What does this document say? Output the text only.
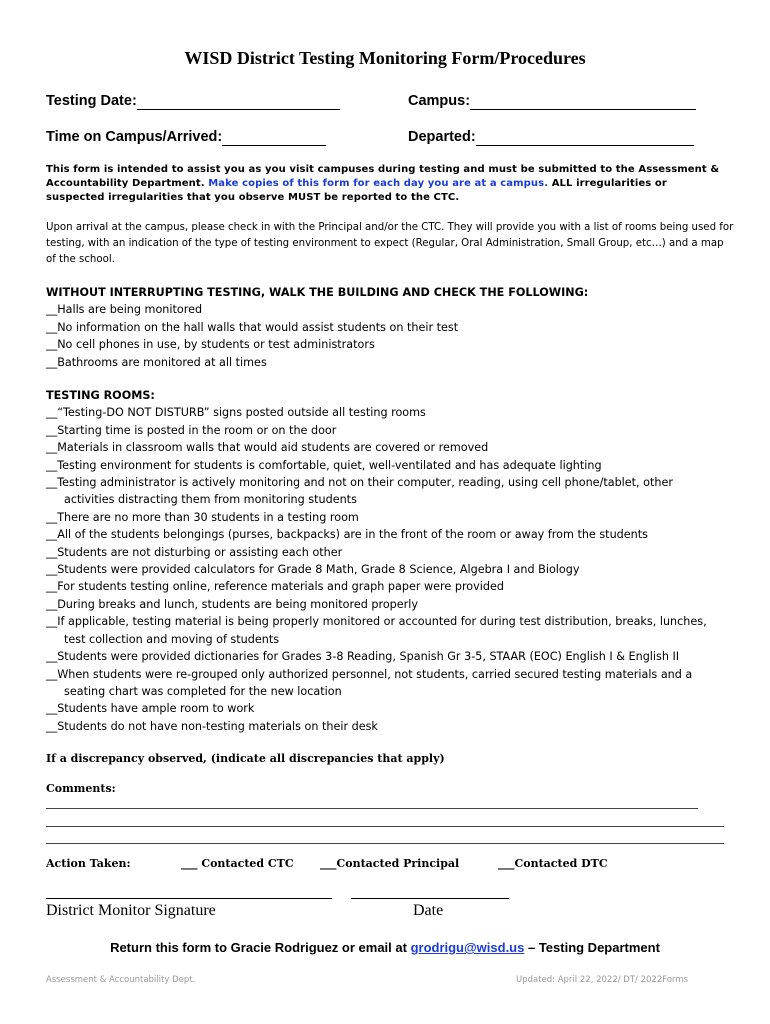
WISD District Testing Monitoring Form/Procedures
Testing Date:	Campus:
Time on Campus/Arrived:	Departed:
This form is intended to assist you as you visit campuses during testing and must be submitted to the Assessment & Accountability Department. Make copies of this form for each day you are at a campus. ALL irregularities or suspected irregularities that you observe MUST be reported to the CTC.
Upon arrival at the campus, please check in with the Principal and/or the CTC. They will provide you with a list of rooms being used for testing, with an indication of the type of testing environment to expect (Regular, Oral Administration, Small Group, etc…) and a map of the school.
WITHOUT INTERRUPTING TESTING, WALK THE BUILDING AND CHECK THE FOLLOWING:
__Halls are being monitored
__No information on the hall walls that would assist students on their test
__No cell phones in use, by students or test administrators
__Bathrooms are monitored at all times
TESTING ROOMS:
__“Testing-DO NOT DISTURB” signs posted outside all testing rooms
__Starting time is posted in the room or on the door
__Materials in classroom walls that would aid students are covered or removed
__Testing environment for students is comfortable, quiet, well-ventilated and has adequate lighting
__Testing administrator is actively monitoring and not on their computer, reading, using cell phone/tablet, other
activities distracting them from monitoring students
__There are no more than 30 students in a testing room
__All of the students belongings (purses, backpacks) are in the front of the room or away from the students
__Students are not disturbing or assisting each other
__Students were provided calculators for Grade 8 Math, Grade 8 Science, Algebra I and Biology
__For students testing online, reference materials and graph paper were provided
__During breaks and lunch, students are being monitored properly
__If applicable, testing material is being properly monitored or accounted for during test distribution, breaks, lunches,
test collection and moving of students
__Students were provided dictionaries for Grades 3-8 Reading, Spanish Gr 3-5, STAAR (EOC) English I & English II
__When students were re-grouped only authorized personnel, not students, carried secured testing materials and a
seating chart was completed for the new location
__Students have ample room to work
__Students do not have non-testing materials on their desk
If a discrepancy observed, (indicate all discrepancies that apply)
Comments:
Action Taken:	___ Contacted CTC ___Contacted Principal	___Contacted DTC
District Monitor Signature	Date
Return this form to Gracie Rodriguez or email at grodrigu@wisd.us – Testing Department
Assessment & Accountability Dept.	Updated: April 22, 2022/ DT/ 2022Forms
